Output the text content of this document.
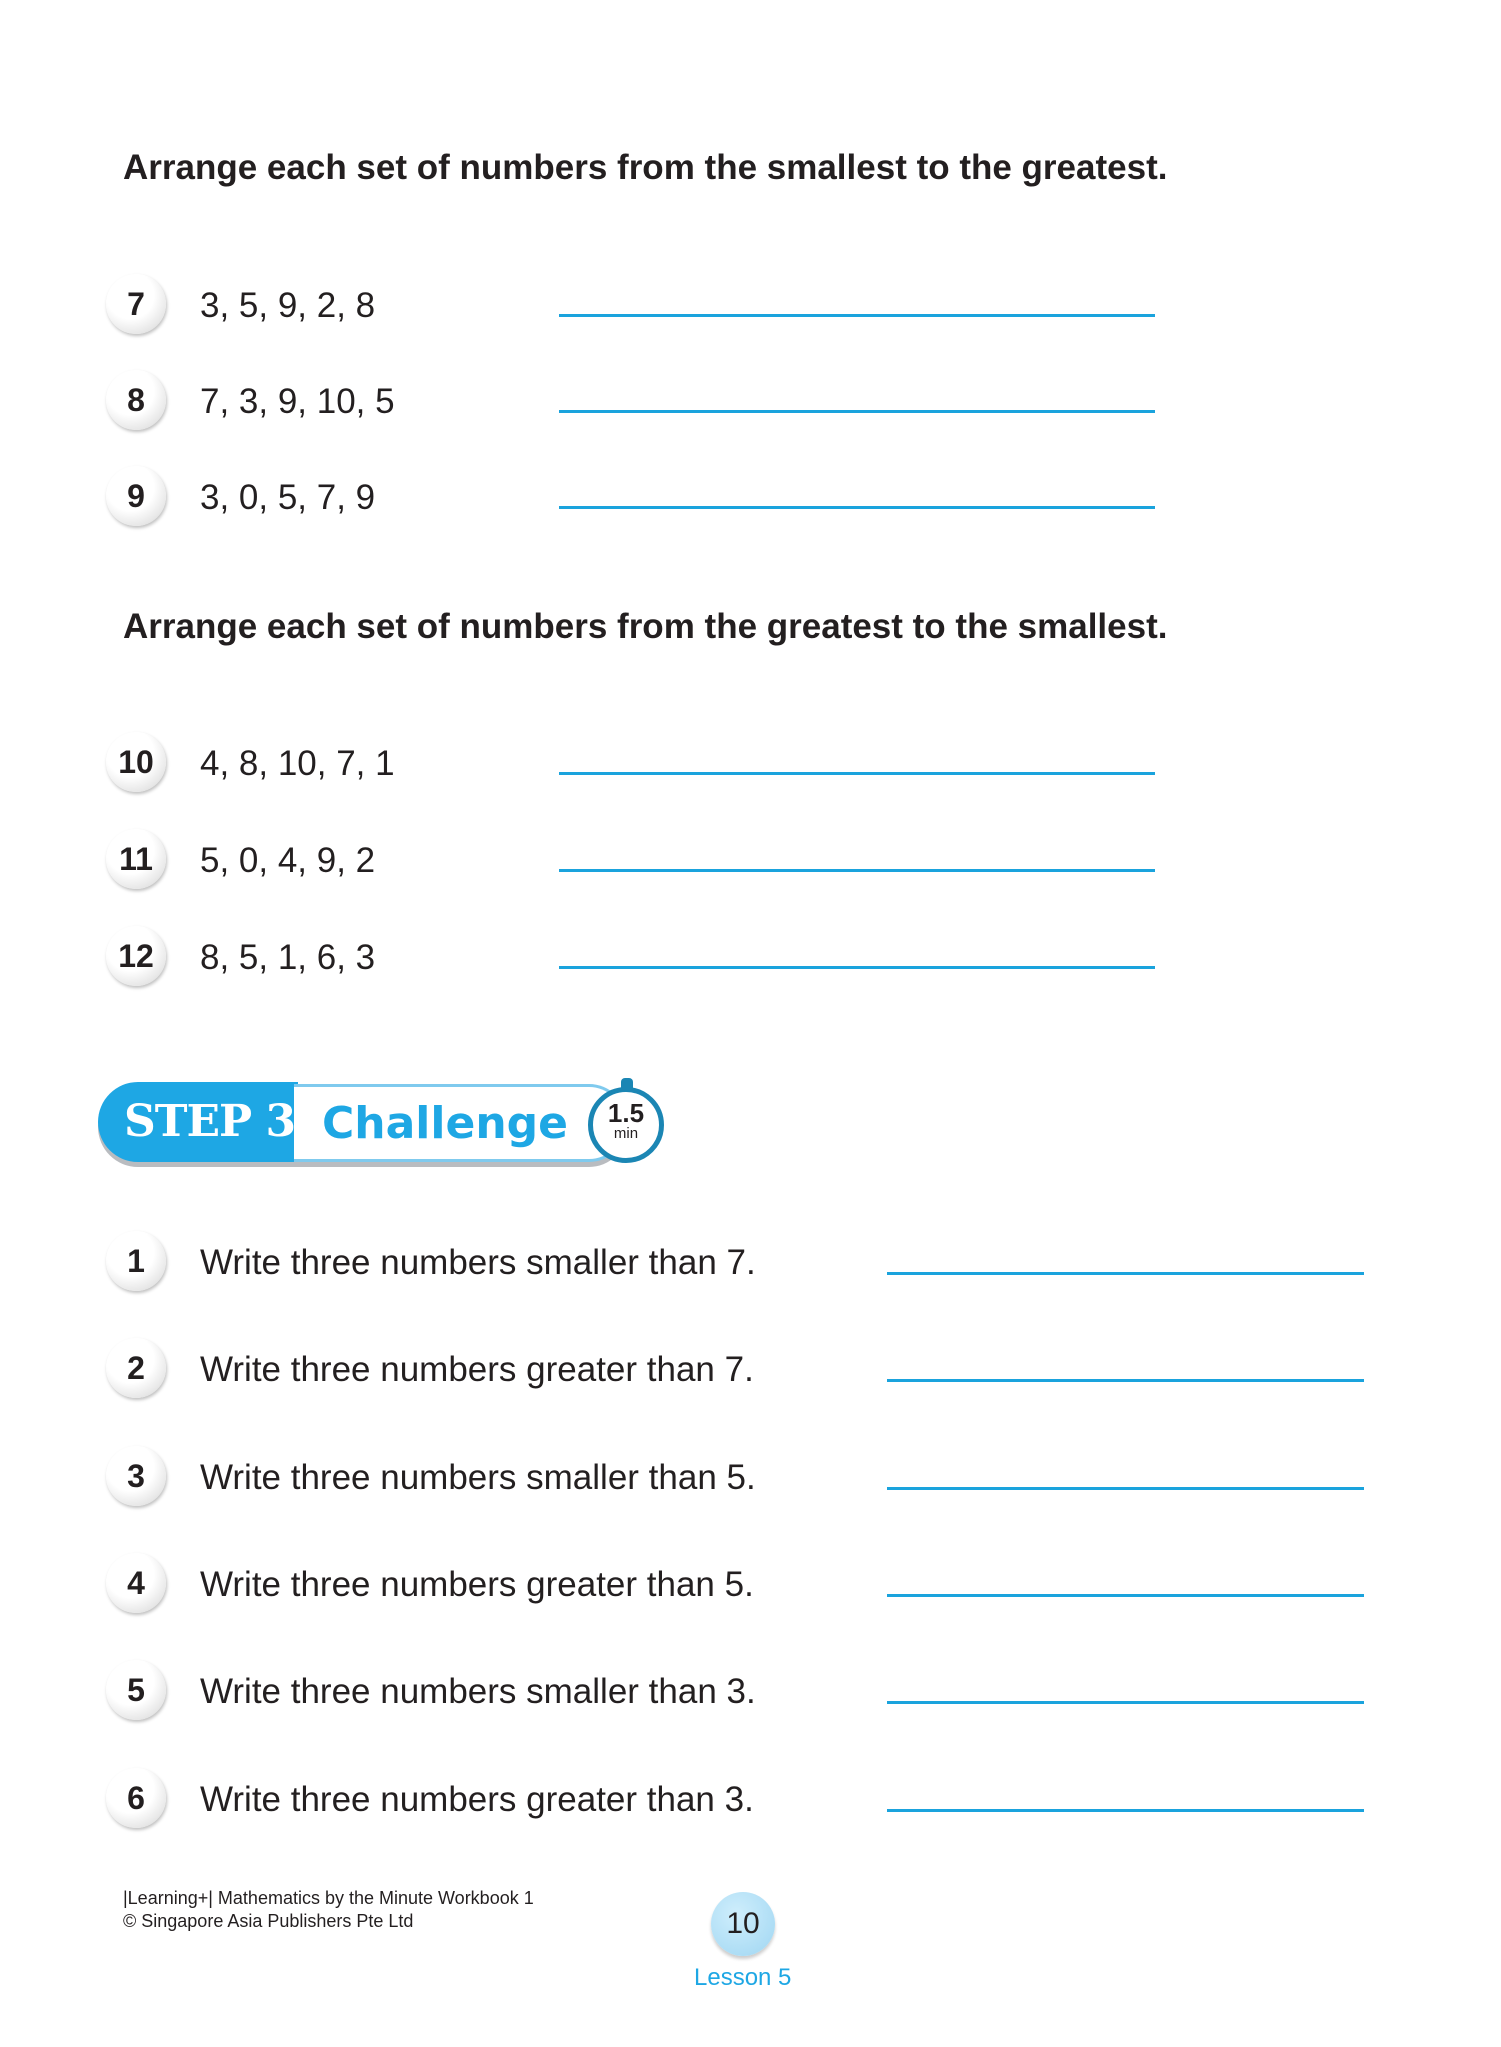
Arrange each set of numbers from the smallest to the greatest.
7	3, 5, 9, 2, 8
8	7, 3, 9, 10, 5
9	3, 0, 5, 7, 9
Arrange each set of numbers from the greatest to the smallest.
10	4, 8, 10, 7, 1
11	5, 0, 4, 9, 2
12	8, 5, 1, 6, 3
STEP 3 Challenge	1.5
min
1	Write three numbers smaller than 7.
2	Write three numbers greater than 7.
3	Write three numbers smaller than 5.
4	Write three numbers greater than 5.
5	Write three numbers smaller than 3.
6	Write three numbers greater than 3.
|Learning+| Mathematics by the Minute Workbook 1
© Singapore Asia Publishers Pte Ltd	10
Lesson 5
